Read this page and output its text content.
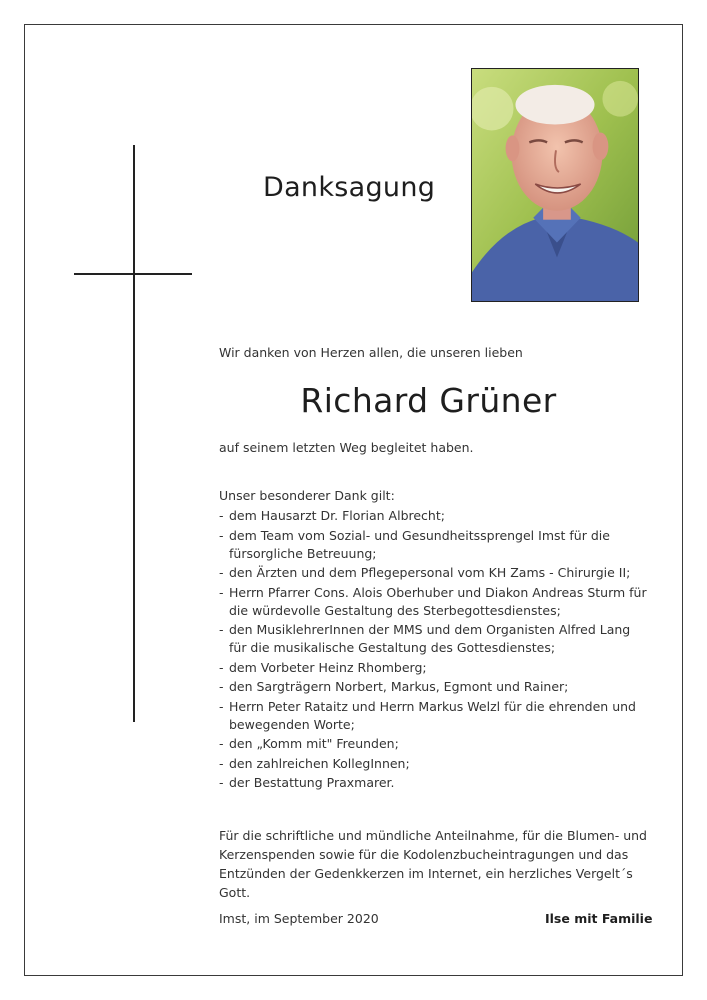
Danksagung
Wir danken von Herzen allen, die unseren lieben
Richard Grüner
auf seinem letzten Weg begleitet haben.
Unser besonderer Dank gilt:
- dem Hausarzt Dr. Florian Albrecht;
- dem Team vom Sozial- und Gesundheitssprengel Imst für die fürsorgliche Betreuung;
- den Ärzten und dem Pflegepersonal vom KH Zams - Chirurgie II;
- Herrn Pfarrer Cons. Alois Oberhuber und Diakon Andreas Sturm für die würdevolle Gestaltung des Sterbegottesdienstes;
- den MusiklehrerInnen der MMS und dem Organisten Alfred Lang für die musikalische Gestaltung des Gottesdienstes;
- dem Vorbeter Heinz Rhomberg;
- den Sargträgern Norbert, Markus, Egmont und Rainer;
- Herrn Peter Rataitz und Herrn Markus Welzl für die ehrenden und bewegenden Worte;
- den „Komm mit" Freunden;
- den zahlreichen KollegInnen;
- der Bestattung Praxmarer.
Für die schriftliche und mündliche Anteilnahme, für die Blumen- und Kerzenspenden sowie für die Kodolenzbucheintragungen und das Entzünden der Gedenkkerzen im Internet, ein herzliches Vergelt´s Gott.
Imst, im September 2020	Ilse mit Familie
